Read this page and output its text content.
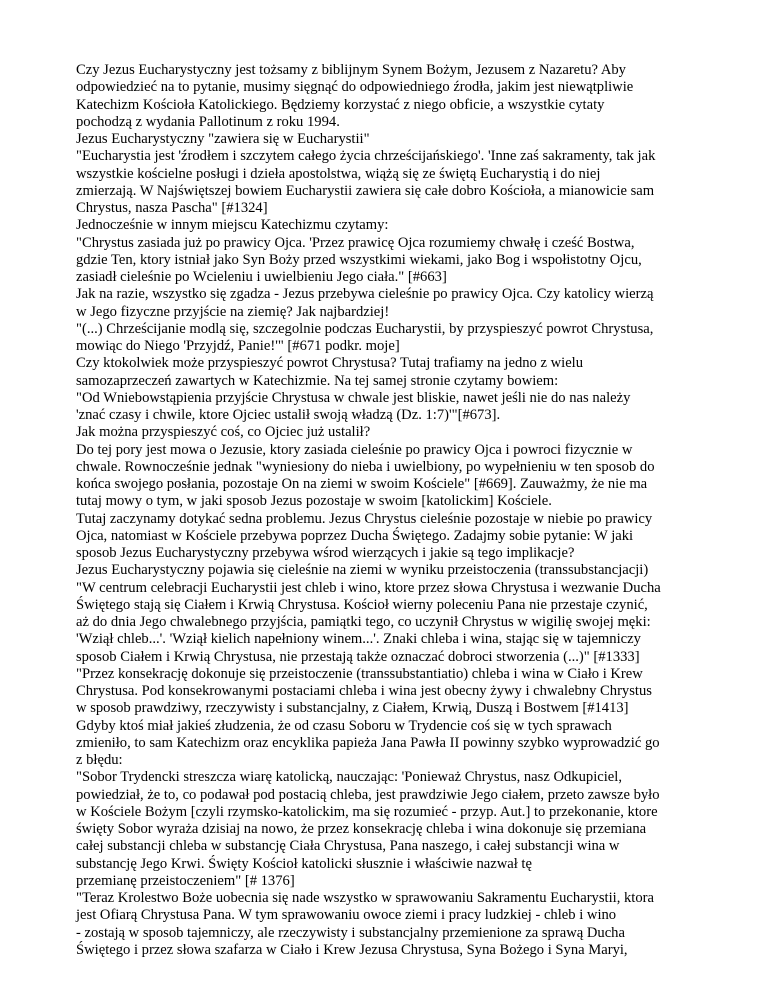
Czy Jezus Eucharystyczny jest tożsamy z biblijnym Synem Bożym, Jezusem z Nazaretu? Aby
odpowiedzieć na to pytanie, musimy sięgnąć do odpowiedniego źrodła, jakim jest niewątpliwie
Katechizm Kościoła Katolickiego. Będziemy korzystać z niego obficie, a wszystkie cytaty
pochodzą z wydania Pallotinum z roku 1994.
Jezus Eucharystyczny "zawiera się w Eucharystii"
"Eucharystia jest 'źrodłem i szczytem całego życia chrześcijańskiego'. 'Inne zaś sakramenty, tak jak
wszystkie kościelne posługi i dzieła apostolstwa, wiążą się ze świętą Eucharystią i do niej
zmierzają. W Najświętszej bowiem Eucharystii zawiera się całe dobro Kościoła, a mianowicie sam
Chrystus, nasza Pascha" [#1324]
Jednocześnie w innym miejscu Katechizmu czytamy:
"Chrystus zasiada już po prawicy Ojca. 'Przez prawicę Ojca rozumiemy chwałę i cześć Bostwa,
gdzie Ten, ktory istniał jako Syn Boży przed wszystkimi wiekami, jako Bog i wspołistotny Ojcu,
zasiadł cieleśnie po Wcieleniu i uwielbieniu Jego ciała." [#663]
Jak na razie, wszystko się zgadza - Jezus przebywa cieleśnie po prawicy Ojca. Czy katolicy wierzą
w Jego fizyczne przyjście na ziemię? Jak najbardziej!
"(...) Chrześcijanie modlą się, szczegolnie podczas Eucharystii, by przyspieszyć powrot Chrystusa,
mowiąc do Niego 'Przyjdź, Panie!'" [#671 podkr. moje]
Czy ktokolwiek może przyspieszyć powrot Chrystusa? Tutaj trafiamy na jedno z wielu
samozaprzeczeń zawartych w Katechizmie. Na tej samej stronie czytamy bowiem:
"Od Wniebowstąpienia przyjście Chrystusa w chwale jest bliskie, nawet jeśli nie do nas należy
'znać czasy i chwile, ktore Ojciec ustalił swoją władzą (Dz. 1:7)'"[#673].
Jak można przyspieszyć coś, co Ojciec już ustalił?
Do tej pory jest mowa o Jezusie, ktory zasiada cieleśnie po prawicy Ojca i powroci fizycznie w
chwale. Rownocześnie jednak "wyniesiony do nieba i uwielbiony, po wypełnieniu w ten sposob do
końca swojego posłania, pozostaje On na ziemi w swoim Kościele" [#669]. Zauważmy, że nie ma
tutaj mowy o tym, w jaki sposob Jezus pozostaje w swoim [katolickim] Kościele.
Tutaj zaczynamy dotykać sedna problemu. Jezus Chrystus cieleśnie pozostaje w niebie po prawicy
Ojca, natomiast w Kościele przebywa poprzez Ducha Świętego. Zadajmy sobie pytanie: W jaki
sposob Jezus Eucharystyczny przebywa wśrod wierzących i jakie są tego implikacje?
Jezus Eucharystyczny pojawia się cieleśnie na ziemi w wyniku przeistoczenia (transsubstancjacji)
"W centrum celebracji Eucharystii jest chleb i wino, ktore przez słowa Chrystusa i wezwanie Ducha
Świętego stają się Ciałem i Krwią Chrystusa. Kościoł wierny poleceniu Pana nie przestaje czynić,
aż do dnia Jego chwalebnego przyjścia, pamiątki tego, co uczynił Chrystus w wigilię swojej męki:
'Wziął chleb...'. 'Wziął kielich napełniony winem...'. Znaki chleba i wina, stając się w tajemniczy
sposob Ciałem i Krwią Chrystusa, nie przestają także oznaczać dobroci stworzenia (...)" [#1333]
"Przez konsekrację dokonuje się przeistoczenie (transsubstantiatio) chleba i wina w Ciało i Krew
Chrystusa. Pod konsekrowanymi postaciami chleba i wina jest obecny żywy i chwalebny Chrystus
w sposob prawdziwy, rzeczywisty i substancjalny, z Ciałem, Krwią, Duszą i Bostwem [#1413]
Gdyby ktoś miał jakieś złudzenia, że od czasu Soboru w Trydencie coś się w tych sprawach
zmieniło, to sam Katechizm oraz encyklika papieża Jana Pawła II powinny szybko wyprowadzić go
z błędu:
"Sobor Trydencki streszcza wiarę katolicką, nauczając: 'Ponieważ Chrystus, nasz Odkupiciel,
powiedział, że to, co podawał pod postacią chleba, jest prawdziwie Jego ciałem, przeto zawsze było
w Kościele Bożym [czyli rzymsko-katolickim, ma się rozumieć - przyp. Aut.] to przekonanie, ktore
święty Sobor wyraża dzisiaj na nowo, że przez konsekrację chleba i wina dokonuje się przemiana
całej substancji chleba w substancję Ciała Chrystusa, Pana naszego, i całej substancji wina w
substancję Jego Krwi. Święty Kościoł katolicki słusznie i właściwie nazwał tę
przemianę przeistoczeniem" [# 1376]
"Teraz Krolestwo Boże uobecnia się nade wszystko w sprawowaniu Sakramentu Eucharystii, ktora
jest Ofiarą Chrystusa Pana. W tym sprawowaniu owoce ziemi i pracy ludzkiej - chleb i wino
- zostają w sposob tajemniczy, ale rzeczywisty i substancjalny przemienione za sprawą Ducha
Świętego i przez słowa szafarza w Ciało i Krew Jezusa Chrystusa, Syna Bożego i Syna Maryi,
